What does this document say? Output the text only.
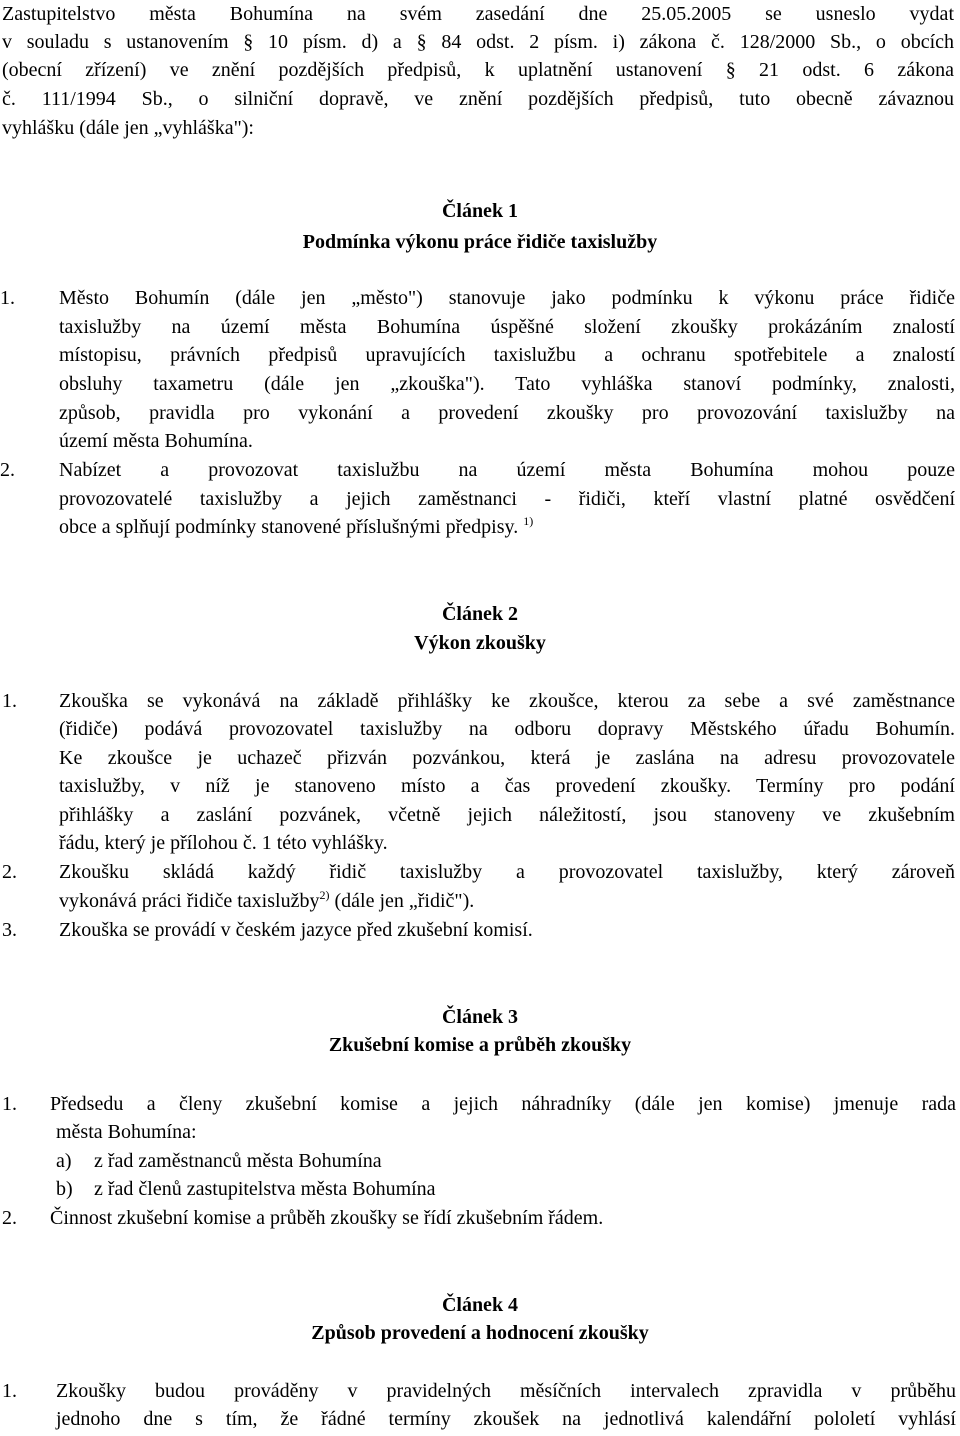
Zastupitelstvo města Bohumína na svém zasedání dne 25.05.2005 se usneslo vydat
v souladu s ustanovením § 10 písm. d) a § 84 odst. 2 písm. i) zákona č. 128/2000 Sb., o obcích
(obecní zřízení) ve znění pozdějších předpisů, k uplatnění ustanovení § 21 odst. 6 zákona
č. 111/1994 Sb., o silniční dopravě, ve znění pozdějších předpisů, tuto obecně závaznou
vyhlášku (dále jen „vyhláška"):
Článek 1
Podmínka výkonu práce řidiče taxislužby
1. Město Bohumín (dále jen „město") stanovuje jako podmínku k výkonu práce řidiče
taxislužby na území města Bohumína úspěšné složení zkoušky prokázáním znalostí
místopisu, právních předpisů upravujících taxislužbu a ochranu spotřebitele a znalostí
obsluhy taxametru (dále jen „zkouška"). Tato vyhláška stanoví podmínky, znalosti,
způsob, pravidla pro vykonání a provedení zkoušky pro provozování taxislužby na
území města Bohumína.
2. Nabízet a provozovat taxislužbu na území města Bohumína mohou pouze
provozovatelé taxislužby a jejich zaměstnanci - řidiči, kteří vlastní platné osvědčení
obce a splňují podmínky stanovené příslušnými předpisy. $^{1)}$
Článek 2
Výkon zkoušky
1. Zkouška se vykonává na základě přihlášky ke zkoušce, kterou za sebe a své zaměstnance
(řidiče) podává provozovatel taxislužby na odboru dopravy Městského úřadu Bohumín.
Ke zkoušce je uchazeč přizván pozvánkou, která je zaslána na adresu provozovatele
taxislužby, v níž je stanoveno místo a čas provedení zkoušky. Termíny pro podání
přihlášky a zaslání pozvánek, včetně jejich náležitostí, jsou stanoveny ve zkušebním
řádu, který je přílohou č. 1 této vyhlášky.
2. Zkoušku skládá každý řidič taxislužby a provozovatel taxislužby, který zároveň
vykonává práci řidiče taxislužby$^{2)}$ (dále jen „řidič").
3. Zkouška se provádí v českém jazyce před zkušební komisí.
Článek 3
Zkušební komise a průběh zkoušky
1. Předsedu a členy zkušební komise a jejich náhradníky (dále jen komise) jmenuje rada
města Bohumína:
a) z řad zaměstnanců města Bohumína
b) z řad členů zastupitelstva města Bohumína
2. Činnost zkušební komise a průběh zkoušky se řídí zkušebním řádem.
Článek 4
Způsob provedení a hodnocení zkoušky
1. Zkoušky budou prováděny v pravidelných měsíčních intervalech zpravidla v průběhu
jednoho dne s tím, že řádné termíny zkoušek na jednotlivá kalendářní pololetí vyhlásí
